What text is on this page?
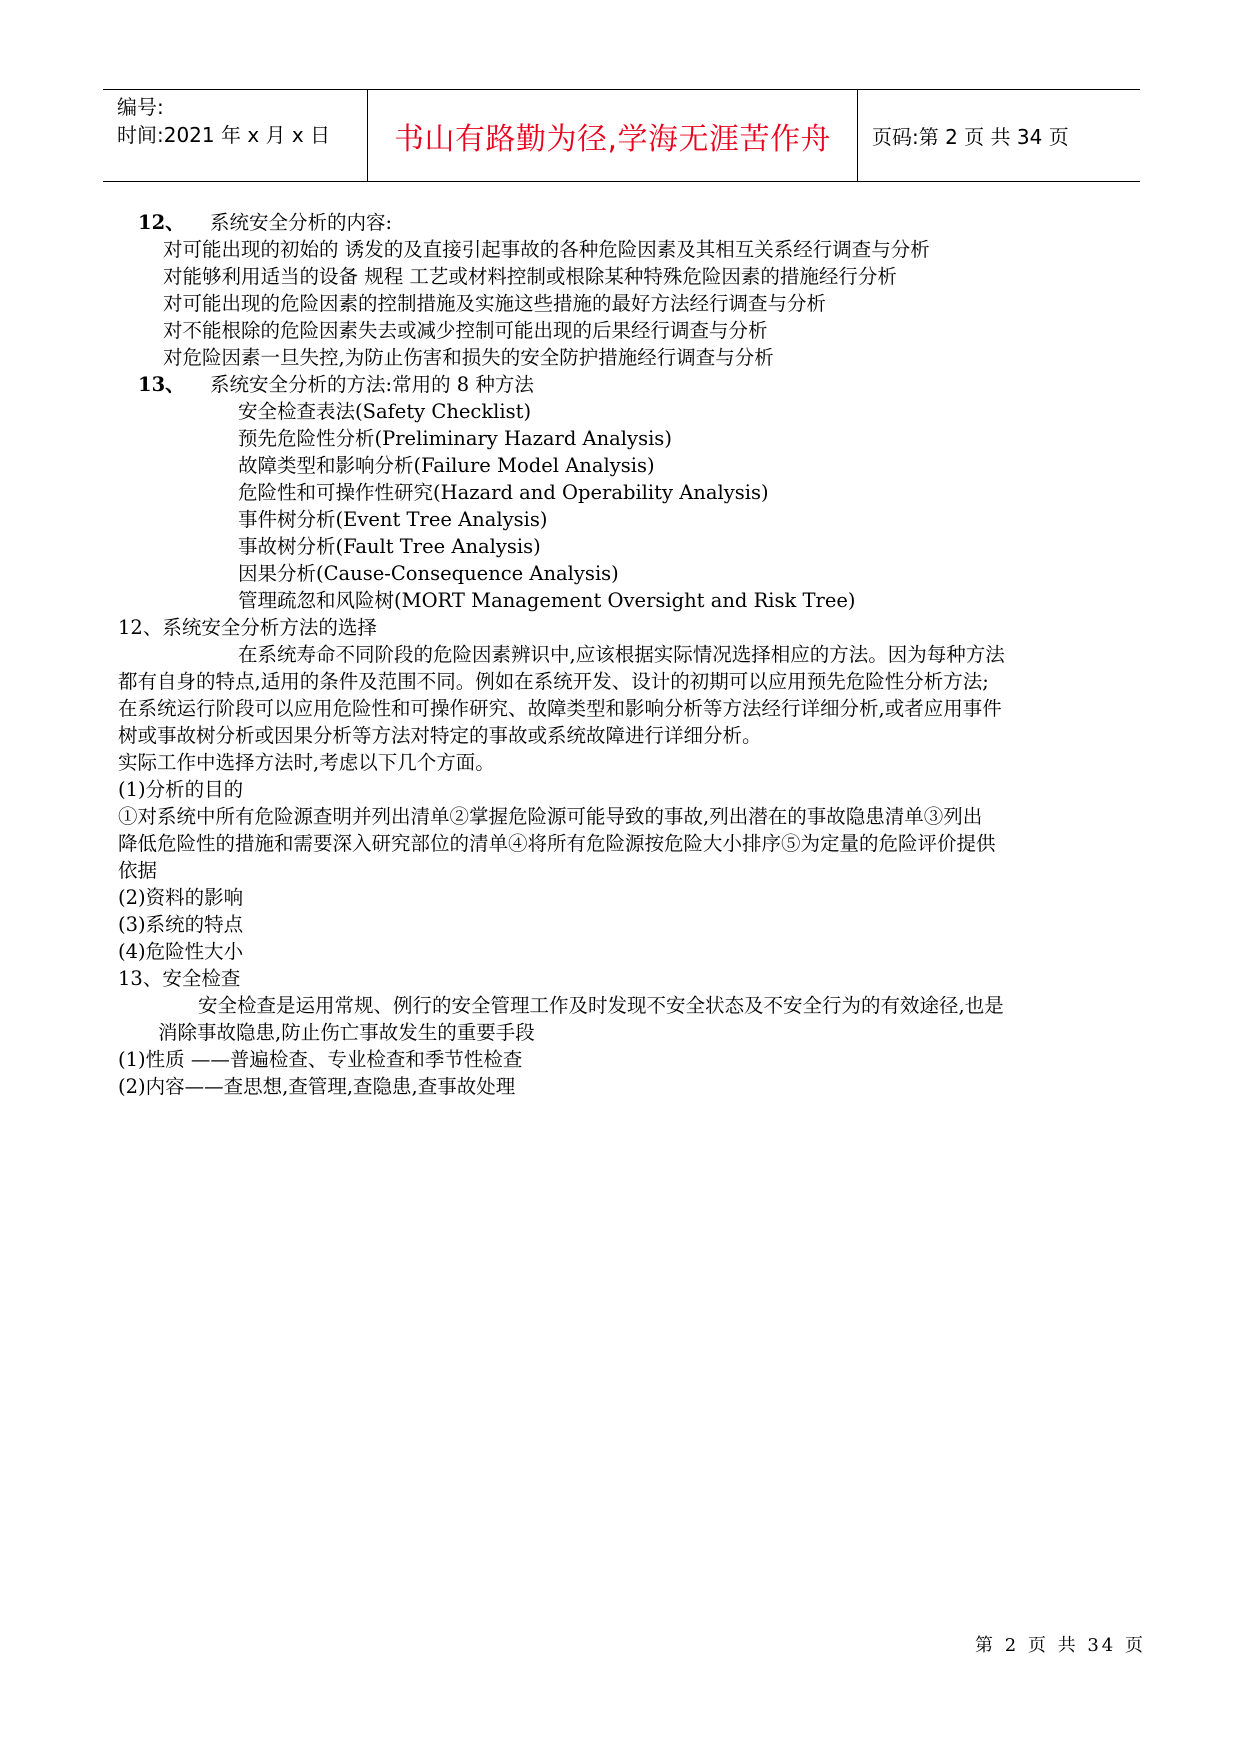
编号:
时间:2021 年 x 月 x 日	书山有路勤为径,学海无涯苦作舟 页码:第 2 页 共 34 页
12、 系统安全分析的内容:
对可能出现的初始的 诱发的及直接引起事故的各种危险因素及其相互关系经行调查与分析
对能够利用适当的设备 规程 工艺或材料控制或根除某种特殊危险因素的措施经行分析
对可能出现的危险因素的控制措施及实施这些措施的最好方法经行调查与分析
对不能根除的危险因素失去或减少控制可能出现的后果经行调查与分析
对危险因素一旦失控,为防止伤害和损失的安全防护措施经行调查与分析
13、 系统安全分析的方法:常用的 8 种方法
安全检查表法(Safety Checklist)
预先危险性分析(Preliminary Hazard Analysis)
故障类型和影响分析(Failure Model Analysis)
危险性和可操作性研究(Hazard and Operability Analysis)
事件树分析(Event Tree Analysis)
事故树分析(Fault Tree Analysis)
因果分析(Cause-Consequence Analysis)
管理疏忽和风险树(MORT Management Oversight and Risk Tree)
12、系统安全分析方法的选择
在系统寿命不同阶段的危险因素辨识中,应该根据实际情况选择相应的方法。因为每种方法
都有自身的特点,适用的条件及范围不同。例如在系统开发、设计的初期可以应用预先危险性分析方法;
在系统运行阶段可以应用危险性和可操作研究、故障类型和影响分析等方法经行详细分析,或者应用事件
树或事故树分析或因果分析等方法对特定的事故或系统故障进行详细分析。
实际工作中选择方法时,考虑以下几个方面。
(1)分析的目的
①对系统中所有危险源查明并列出清单②掌握危险源可能导致的事故,列出潜在的事故隐患清单③列出
降低危险性的措施和需要深入研究部位的清单④将所有危险源按危险大小排序⑤为定量的危险评价提供
依据
(2)资料的影响
(3)系统的特点
(4)危险性大小
13、安全检查
安全检查是运用常规、例行的安全管理工作及时发现不安全状态及不安全行为的有效途径,也是
消除事故隐患,防止伤亡事故发生的重要手段
(1)性质 ——普遍检查、专业检查和季节性检查
(2)内容——查思想,查管理,查隐患,查事故处理
第 2 页 共 34 页
